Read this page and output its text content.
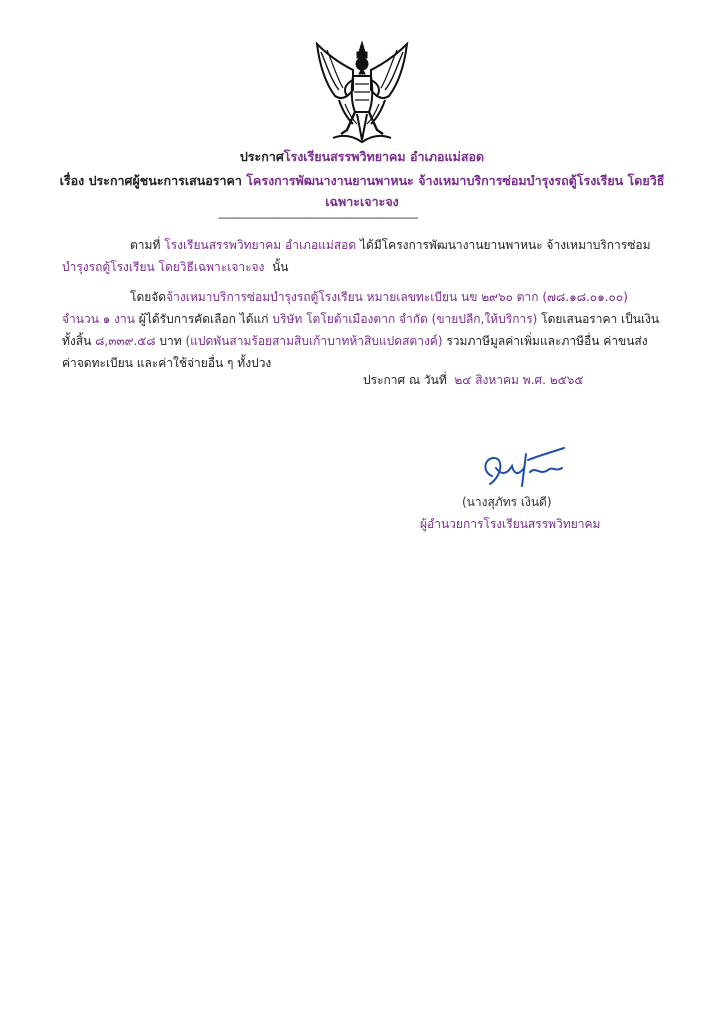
ประกาศโรงเรียนสรรพวิทยาคม อำเภอแม่สอด
เรื่อง ประกาศผู้ชนะการเสนอราคา โครงการพัฒนางานยานพาหนะ จ้างเหมาบริการซ่อมบำรุงรถตู้โรงเรียน โดยวิธีเฉพาะเจาะจง
------------------------------------------------------------------------
ตามที่ โรงเรียนสรรพวิทยาคม อำเภอแม่สอด ได้มีโครงการพัฒนางานยานพาหนะ จ้างเหมาบริการซ่อม บำรุงรถตู้โรงเรียน โดยวิธีเฉพาะเจาะจง นั้น
โดยจัดจ้างเหมาบริการซ่อมบำรุงรถตู้โรงเรียน หมายเลขทะเบียน นข ๒๙๖๐ ตาก (๗๘.๑๘.๐๑.๐๐) จำนวน ๑ งาน ผู้ได้รับการคัดเลือก ได้แก่ บริษัท โตโยต้าเมืองตาก จำกัด (ขายปลีก,ให้บริการ) โดยเสนอราคา เป็นเงินทั้งสิ้น ๘,๓๓๙.๕๘ บาท (แปดพันสามร้อยสามสิบเก้าบาทห้าสิบแปดสตางค์) รวมภาษีมูลค่าเพิ่มและภาษีอื่น ค่าขนส่ง ค่าจดทะเบียน และค่าใช้จ่ายอื่น ๆ ทั้งปวง
ประกาศ ณ วันที่ ๒๔ สิงหาคม พ.ศ. ๒๕๖๕
(นางสุภัทร เงินดี)
ผู้อำนวยการโรงเรียนสรรพวิทยาคม
